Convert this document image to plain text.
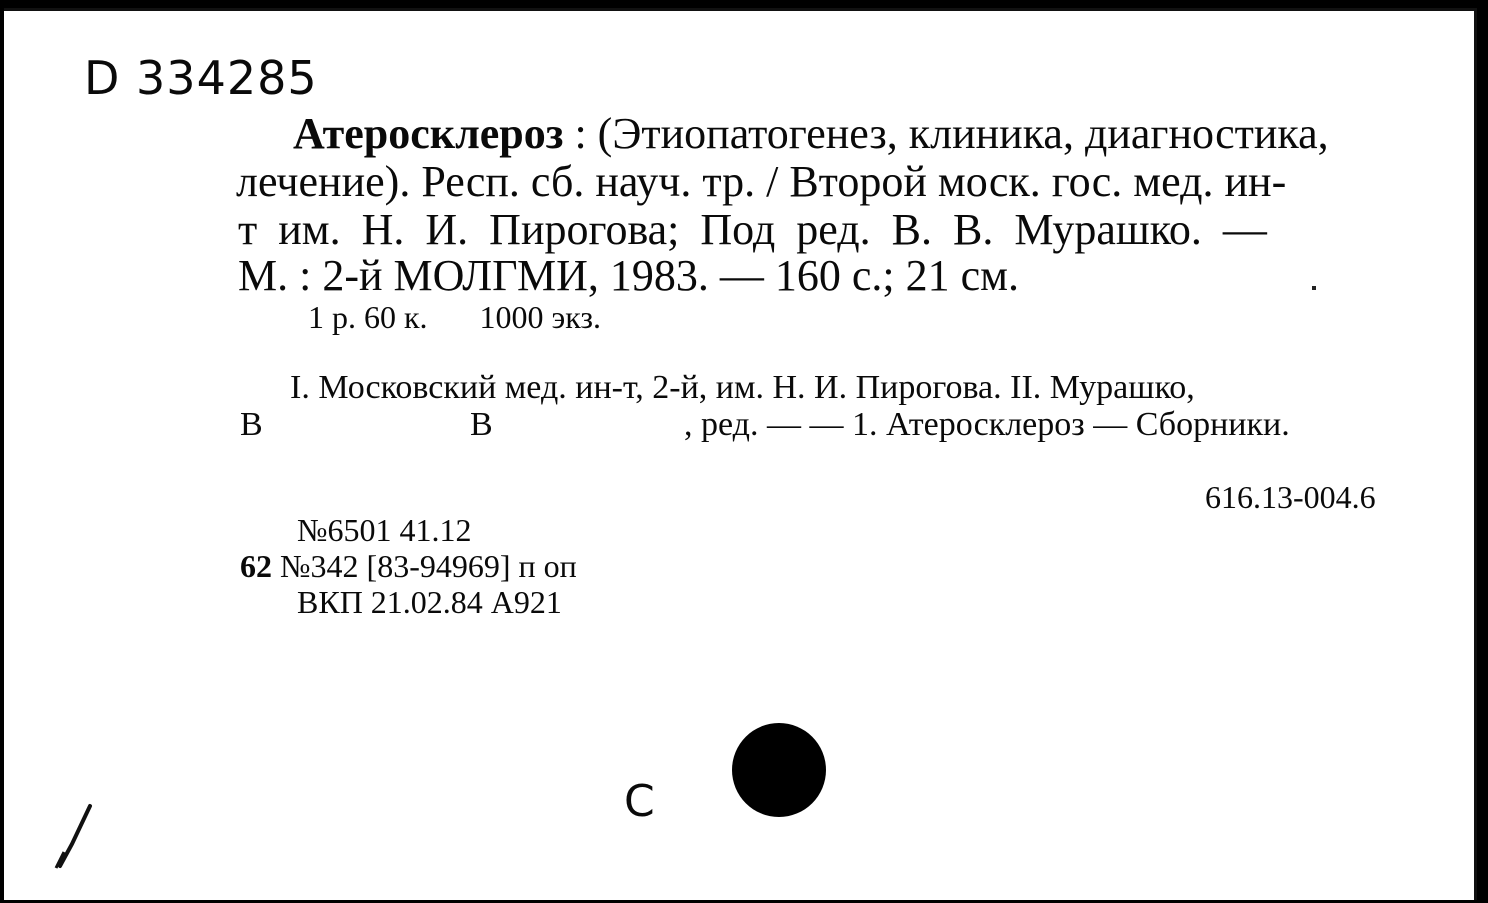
D 334285
Атеросклероз : (Этиопатогенез, клиника, диагностика,
лечение). Респ. сб. науч. тр. / Второй моск. гос. мед. ин-
т им. Н. И. Пирогова; Под ред. В. В. Мурашко. —
М. : 2-й МОЛГМИ, 1983. — 160 с.; 21 см.
1 р. 60 к. 1000 экз.
I. Московский мед. ин-т, 2-й, им. Н. И. Пирогова. II. Мурашко,
В	В	, ред. — — 1. Атеросклероз — Сборники.
616.13-004.6
№6501 41.12
62 №342 [83-94969] п оп
ВКП 21.02.84 А921
С
